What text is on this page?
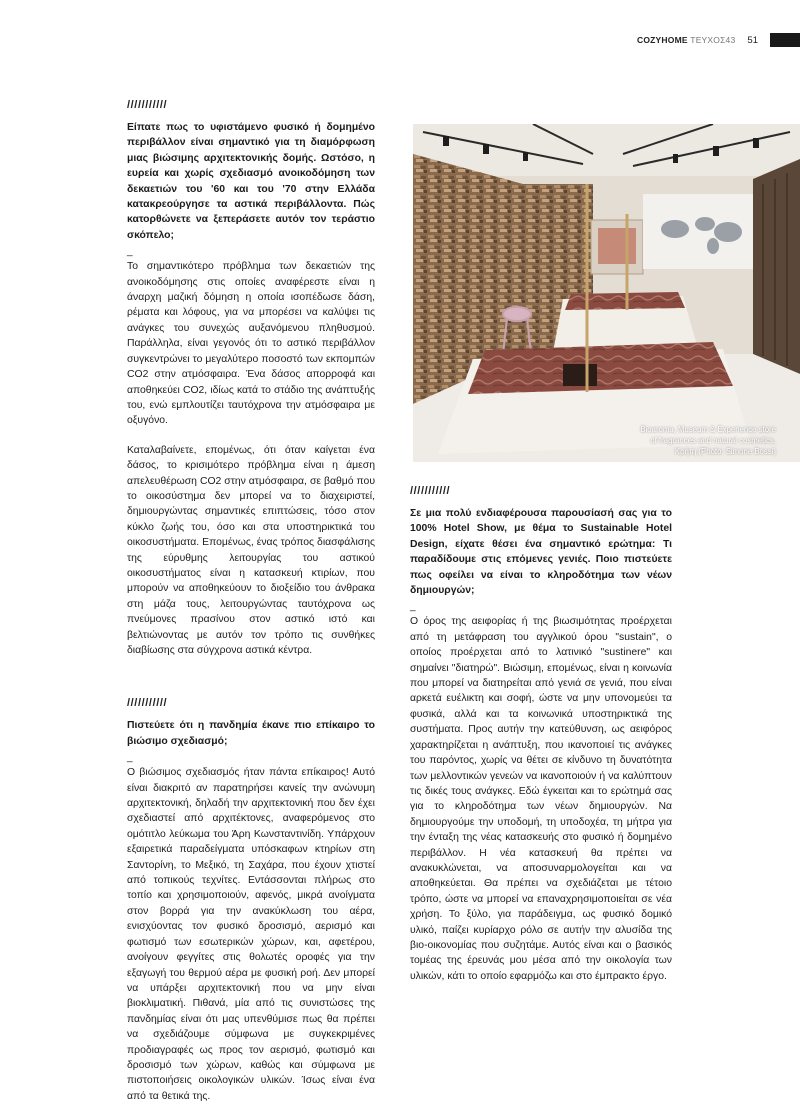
COZYHOME ΤΕΥΧΟΣ43 51
///////////

Είπατε πως το υφιστάμενο φυσικό ή δομημένο περιβάλλον είναι σημαντικό για τη διαμόρφωση μιας βιώσιμης αρχιτεκτονικής δομής. Ωστόσο, η ευρεία και χωρίς σχεδιασμό ανοικοδόμηση των δεκαετιών του '60 και του '70 στην Ελλάδα κατακρεούργησε τα αστικά περιβάλλοντα. Πώς κατορθώνετε να ξεπεράσετε αυτόν τον τεράστιο σκόπελο;

_

Το σημαντικότερο πρόβλημα των δεκαετιών της ανοικοδόμησης στις οποίες αναφέρεστε είναι η άναρχη μαζική δόμηση η οποία ισοπέδωσε δάση, ρέματα και λόφους, για να μπορέσει να καλύψει τις ανάγκες του συνεχώς αυξανόμενου πληθυσμού. Παράλληλα, είναι γεγονός ότι το αστικό περιβάλλον συγκεντρώνει το μεγαλύτερο ποσοστό των εκπομπών CO2 στην ατμόσφαιρα. Ένα δάσος απορροφά και αποθηκεύει CO2, ιδίως κατά το στάδιο της ανάπτυξής του, ενώ εμπλουτίζει ταυτόχρονα την ατμόσφαιρα με οξυγόνο.

Καταλαβαίνετε, επομένως, ότι όταν καίγεται ένα δάσος, το κρισιμότερο πρόβλημα είναι η άμεση απελευθέρωση CO2 στην ατμόσφαιρα, σε βαθμό που το οικοσύστημα δεν μπορεί να το διαχειριστεί, δημιουργώντας σημαντικές επιπτώσεις, τόσο στον κύκλο ζωής του, όσο και στα υποστηρικτικά του οικοσυστήματα. Επομένως, ένας τρόπος διασφάλισης της εύρυθμης λειτουργίας του αστικού οικοσυστήματος είναι η κατασκευή κτιρίων, που μπορούν να αποθηκεύουν το διοξείδιο του άνθρακα στη μάζα τους, λειτουργώντας ταυτόχρονα ως πνεύμονες πρασίνου στον αστικό ιστό και βελτιώνοντας με αυτόν τον τρόπο τις συνθήκες διαβίωσης στα σύγχρονα αστικά κέντρα.

///////////

Πιστεύετε ότι η πανδημία έκανε πιο επίκαιρο το βιώσιμο σχεδιασμό;

_

Ο βιώσιμος σχεδιασμός ήταν πάντα επίκαιρος! Αυτό είναι διακριτό αν παρατηρήσει κανείς την ανώνυμη αρχιτεκτονική, δηλαδή την αρχιτεκτονική που δεν έχει σχεδιαστεί από αρχιτέκτονες, αναφερόμενος στο ομότιτλο λεύκωμα του Άρη Κωνσταντινίδη. Υπάρχουν εξαιρετικά παραδείγματα υπόσκαφων κτηρίων στη Σαντορίνη, το Μεξικό, τη Σαχάρα, που έχουν χτιστεί από τοπικούς τεχνίτες. Εντάσσονται πλήρως στο τοπίο και χρησιμοποιούν, αφενός, μικρά ανοίγματα στον βορρά για την ανακύκλωση του αέρα, ενισχύοντας τον φυσικό δροσισμό, αερισμό και φωτισμό των εσωτερικών χώρων, και, αφετέρου, ανοίγουν φεγγίτες στις θολωτές οροφές για την εξαγωγή του θερμού αέρα με φυσική ροή. Δεν μπορεί να υπάρξει αρχιτεκτονική που να μην είναι βιοκλιματική. Πιθανά, μία από τις συνιστώσες της πανδημίας είναι ότι μας υπενθύμισε πως θα πρέπει να σχεδιάζουμε σύμφωνα με συγκεκριμένες προδιαγραφές ως προς τον αερισμό, φωτισμό και δροσισμό των χώρων, καθώς και σύμφωνα με πιστοποιήσεις οικολογικών υλικών. Ίσως είναι ένα από τα θετικά της.

Bioaroma, Museum & Experience store
of fragrances and natural cosmetics,
Κρήτη (Photo: Simone Bossi)
///////////

Σε μια πολύ ενδιαφέρουσα παρουσίασή σας για το 100% Hotel Show, με θέμα το Sustainable Hotel Design, είχατε θέσει ένα σημαντικό ερώτημα: Τι παραδίδουμε στις επόμενες γενιές. Ποιο πιστεύετε πως οφείλει να είναι το κληροδότημα των νέων δημιουργών;

_

Ο όρος της αειφορίας ή της βιωσιμότητας προέρχεται από τη μετάφραση του αγγλικού όρου "sustain", ο οποίος προέρχεται από το λατινικό "sustinere" και σημαίνει "διατηρώ". Βιώσιμη, επομένως, είναι η κοινωνία που μπορεί να διατηρείται από γενιά σε γενιά, που είναι αρκετά ευέλικτη και σοφή, ώστε να μην υπονομεύει τα φυσικά, αλλά και τα κοινωνικά υποστηρικτικά της συστήματα. Προς αυτήν την κατεύθυνση, ως αειφόρος χαρακτηρίζεται η ανάπτυξη, που ικανοποιεί τις ανάγκες του παρόντος, χωρίς να θέτει σε κίνδυνο τη δυνατότητα των μελλοντικών γενεών να ικανοποιούν ή να καλύπτουν τις δικές τους ανάγκες. Εδώ έγκειται και το ερώτημά σας για το κληροδότημα των νέων δημιουργών. Να δημιουργούμε την υποδομή, τη υποδοχέα, τη μήτρα για την ένταξη της νέας κατασκευής στο φυσικό ή δομημένο περιβάλλον. Η νέα κατασκευή θα πρέπει να ανακυκλώνεται, να αποσυναρμολογείται και να αποθηκεύεται. Θα πρέπει να σχεδιάζεται με τέτοιο τρόπο, ώστε να μπορεί να επαναχρησιμοποιείται σε νέα χρήση. Το ξύλο, για παράδειγμα, ως φυσικό δομικό υλικό, παίζει κυρίαρχο ρόλο σε αυτήν την αλυσίδα της βιο-οικονομίας που συζητάμε. Αυτός είναι και ο βασικός τομέας της έρευνάς μου μέσα από την οικολογία των υλικών, κάτι το οποίο εφαρμόζω και στο έμπρακτο έργο.
